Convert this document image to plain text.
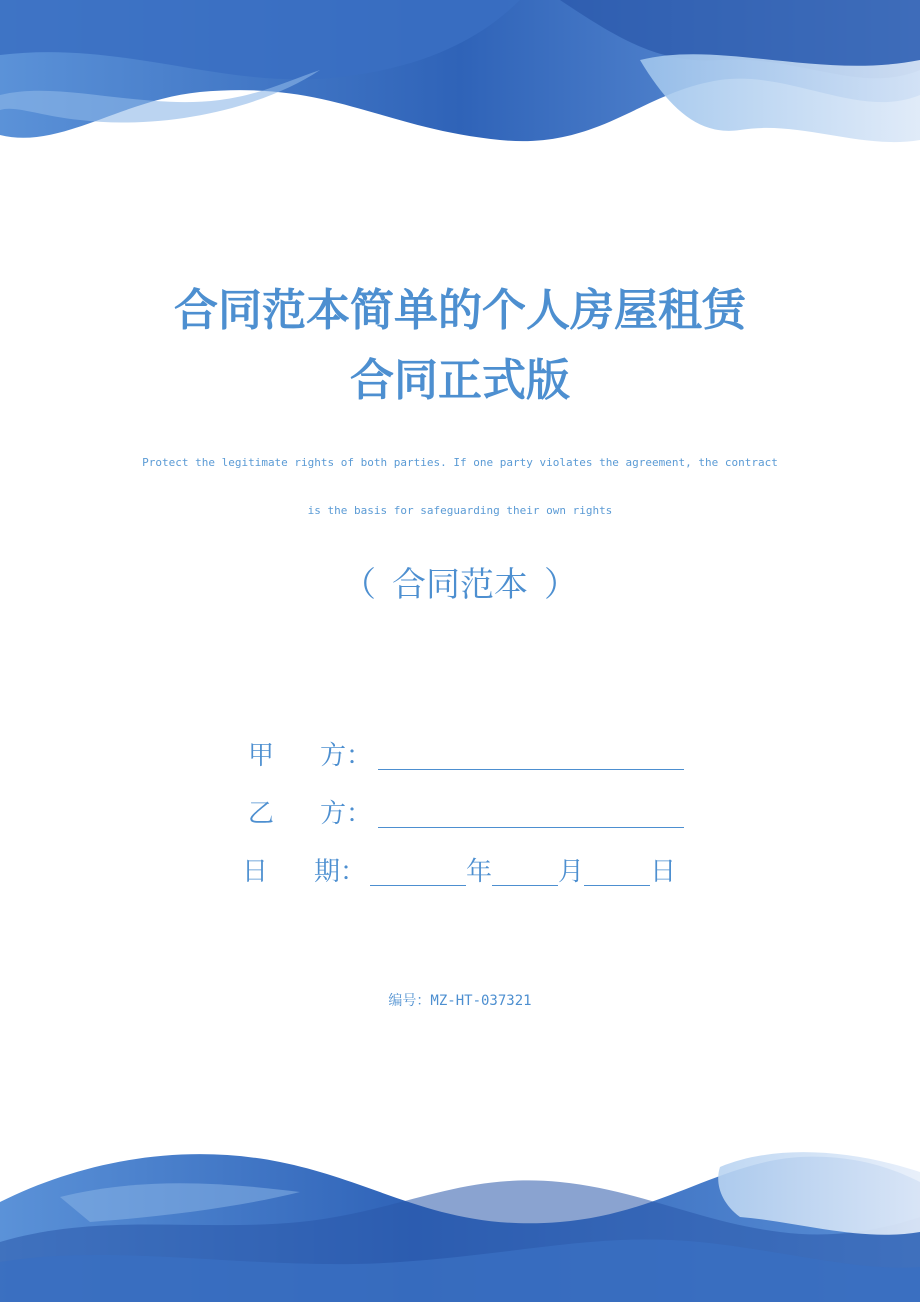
合同范本简单的个人房屋租赁
合同正式版
Protect the legitimate rights of both parties. If one party violates the agreement, the contract
is the basis for safeguarding their own rights
（ 合同范本 ）
甲 方：
乙 方：
日 期：	年	月	日
编号：MZ-HT-037321
